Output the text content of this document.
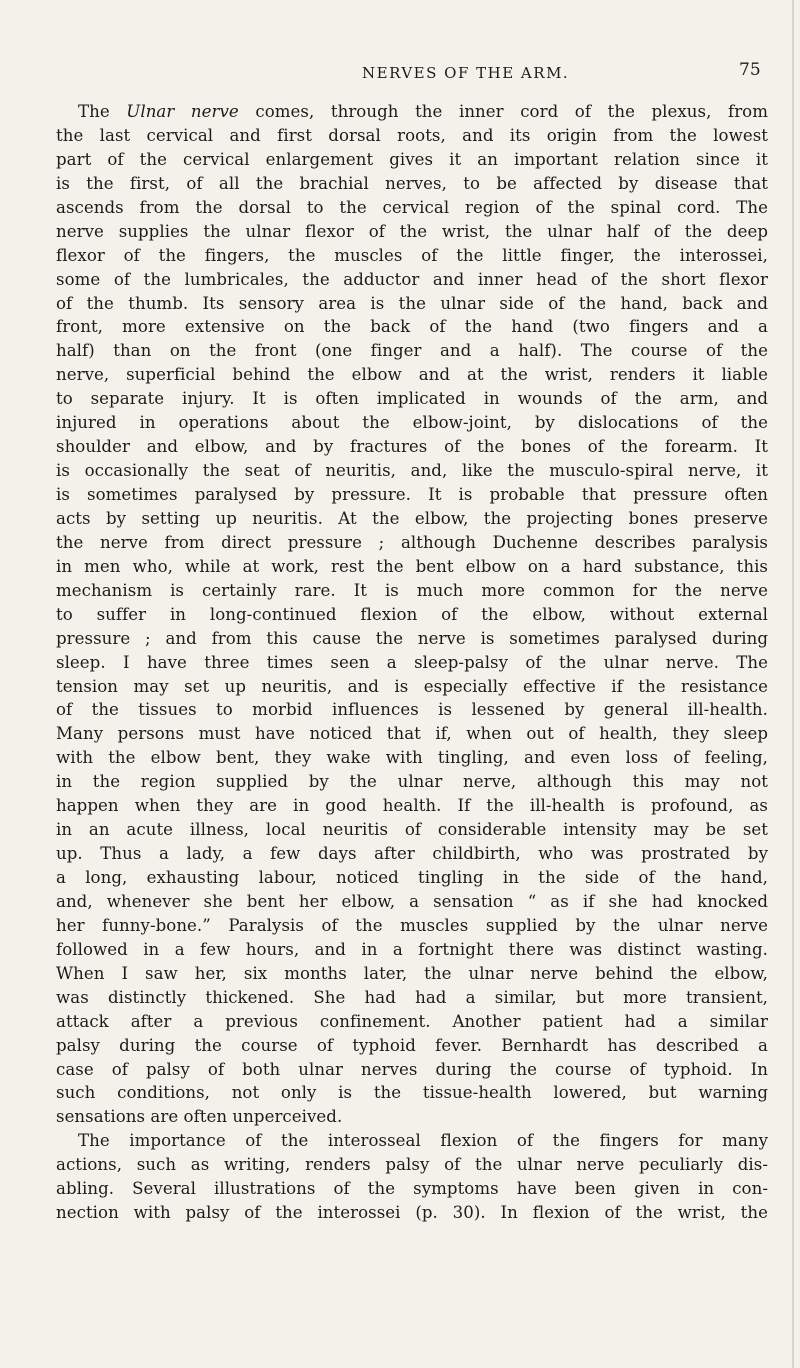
NERVES OF THE ARM.	75
The Ulnar nerve comes, through the inner cord of the plexus, from
the last cervical and first dorsal roots, and its origin from the lowest
part of the cervical enlargement gives it an important relation since it
is the first, of all the brachial nerves, to be affected by disease that
ascends from the dorsal to the cervical region of the spinal cord. The
nerve supplies the ulnar flexor of the wrist, the ulnar half of the deep
flexor of the fingers, the muscles of the little finger, the interossei,
some of the lumbricales, the adductor and inner head of the short flexor
of the thumb. Its sensory area is the ulnar side of the hand, back and
front, more extensive on the back of the hand (two fingers and a
half) than on the front (one finger and a half). The course of the
nerve, superficial behind the elbow and at the wrist, renders it liable
to separate injury. It is often implicated in wounds of the arm, and
injured in operations about the elbow-joint, by dislocations of the
shoulder and elbow, and by fractures of the bones of the forearm. It
is occasionally the seat of neuritis, and, like the musculo-spiral nerve, it
is sometimes paralysed by pressure. It is probable that pressure often
acts by setting up neuritis. At the elbow, the projecting bones preserve
the nerve from direct pressure ; although Duchenne describes paralysis
in men who, while at work, rest the bent elbow on a hard substance, this
mechanism is certainly rare. It is much more common for the nerve
to suffer in long-continued flexion of the elbow, without external
pressure ; and from this cause the nerve is sometimes paralysed during
sleep. I have three times seen a sleep-palsy of the ulnar nerve. The
tension may set up neuritis, and is especially effective if the resistance
of the tissues to morbid influences is lessened by general ill-health.
Many persons must have noticed that if, when out of health, they sleep
with the elbow bent, they wake with tingling, and even loss of feeling,
in the region supplied by the ulnar nerve, although this may not
happen when they are in good health. If the ill-health is profound, as
in an acute illness, local neuritis of considerable intensity may be set
up. Thus a lady, a few days after childbirth, who was prostrated by
a long, exhausting labour, noticed tingling in the side of the hand,
and, whenever she bent her elbow, a sensation “ as if she had knocked
her funny-bone.” Paralysis of the muscles supplied by the ulnar nerve
followed in a few hours, and in a fortnight there was distinct wasting.
When I saw her, six months later, the ulnar nerve behind the elbow,
was distinctly thickened. She had had a similar, but more transient,
attack after a previous confinement. Another patient had a similar
palsy during the course of typhoid fever. Bernhardt has described a
case of palsy of both ulnar nerves during the course of typhoid. In
such conditions, not only is the tissue-health lowered, but warning
sensations are often unperceived.
The importance of the interosseal flexion of the fingers for many
actions, such as writing, renders palsy of the ulnar nerve peculiarly dis-
abling. Several illustrations of the symptoms have been given in con-
nection with palsy of the interossei (p. 30). In flexion of the wrist, the
